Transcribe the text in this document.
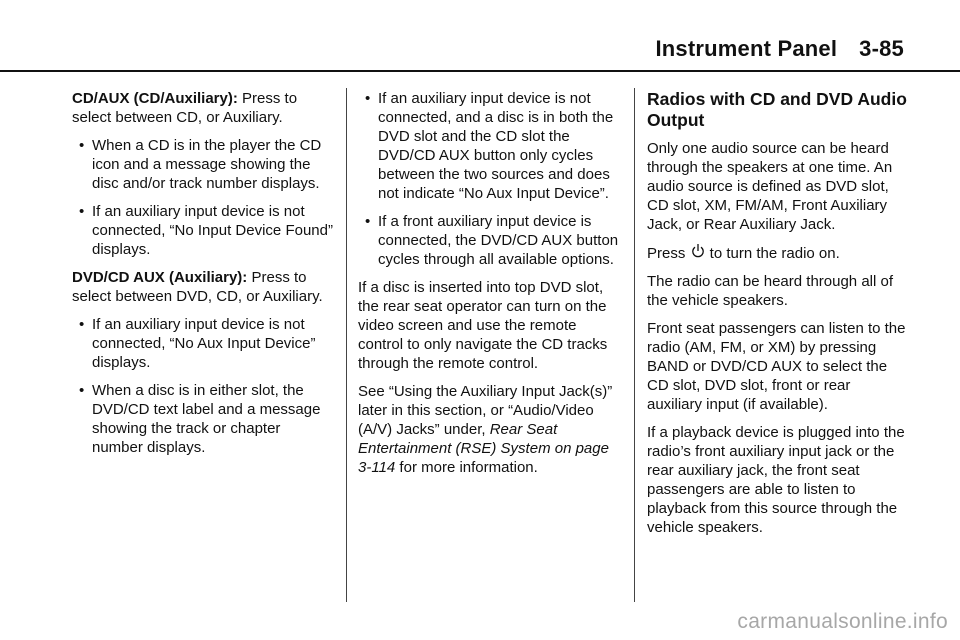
Instrument Panel 3-85

CD/AUX (CD/Auxiliary): Press to select between CD, or Auxiliary.

• When a CD is in the player the CD icon and a message showing the disc and/or track number displays.
• If an auxiliary input device is not connected, “No Input Device Found” displays.

DVD/CD AUX (Auxiliary): Press to select between DVD, CD, or Auxiliary.

• If an auxiliary input device is not connected, “No Aux Input Device” displays.
• When a disc is in either slot, the DVD/CD text label and a message showing the track or chapter number displays.
• If an auxiliary input device is not connected, and a disc is in both the DVD slot and the CD slot the DVD/CD AUX button only cycles between the two sources and does not indicate “No Aux Input Device”.
• If a front auxiliary input device is connected, the DVD/CD AUX button cycles through all available options.

If a disc is inserted into top DVD slot, the rear seat operator can turn on the video screen and use the remote control to only navigate the CD tracks through the remote control.

See “Using the Auxiliary Input Jack(s)” later in this section, or “Audio/Video (A/V) Jacks” under, Rear Seat Entertainment (RSE) System on page 3-114 for more information.

Radios with CD and DVD Audio Output

Only one audio source can be heard through the speakers at one time. An audio source is defined as DVD slot, CD slot, XM, FM/AM, Front Auxiliary Jack, or Rear Auxiliary Jack.

Press  to turn the radio on.

The radio can be heard through all of the vehicle speakers.

Front seat passengers can listen to the radio (AM, FM, or XM) by pressing BAND or DVD/CD AUX to select the CD slot, DVD slot, front or rear auxiliary input (if available).

If a playback device is plugged into the radio’s front auxiliary input jack or the rear auxiliary jack, the front seat passengers are able to listen to playback from this source through the vehicle speakers.

carmanualsonline.info
